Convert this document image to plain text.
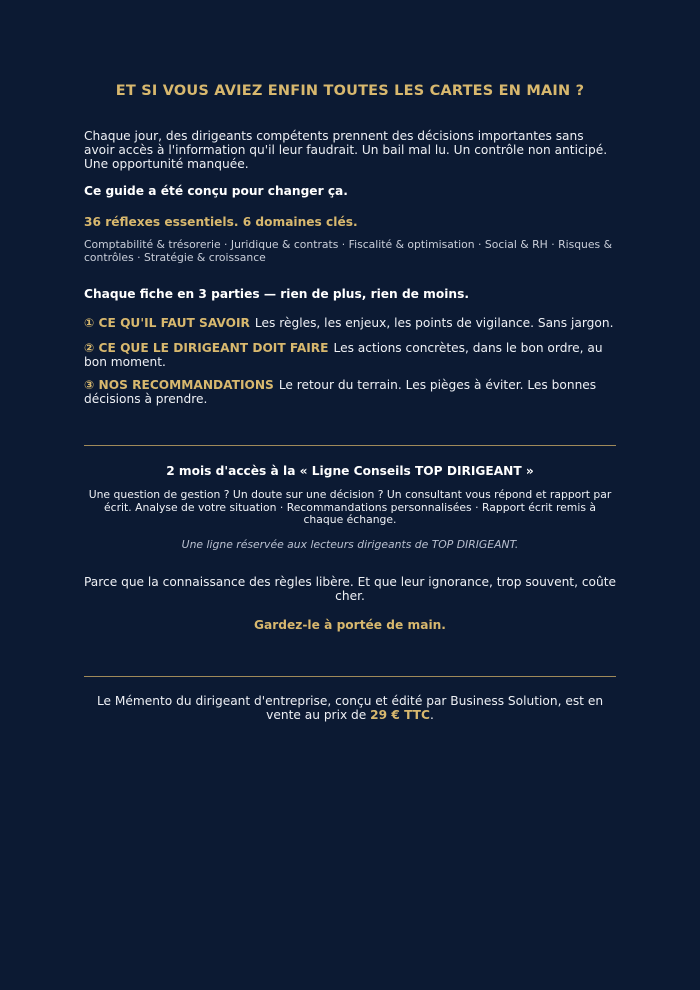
ET SI VOUS AVIEZ ENFIN TOUTES LES CARTES EN MAIN ?
Chaque jour, des dirigeants compétents prennent des décisions importantes sans avoir accès à l'information qu'il leur faudrait. Un bail mal lu. Un contrôle non anticipé. Une opportunité manquée.
Ce guide a été conçu pour changer ça.
36 réflexes essentiels. 6 domaines clés.
Comptabilité & trésorerie · Juridique & contrats · Fiscalité & optimisation · Social & RH · Risques & contrôles · Stratégie & croissance
Chaque fiche en 3 parties — rien de plus, rien de moins.
① CE QU'IL FAUT SAVOIR Les règles, les enjeux, les points de vigilance. Sans jargon.
② CE QUE LE DIRIGEANT DOIT FAIRE Les actions concrètes, dans le bon ordre, au bon moment.
③ NOS RECOMMANDATIONS Le retour du terrain. Les pièges à éviter. Les bonnes décisions à prendre.
2 mois d'accès à la « Ligne Conseils TOP DIRIGEANT »
Une question de gestion ? Un doute sur une décision ? Un consultant vous répond et rapport par écrit. Analyse de votre situation · Recommandations personnalisées · Rapport écrit remis à chaque échange.
Une ligne réservée aux lecteurs dirigeants de TOP DIRIGEANT.
Parce que la connaissance des règles libère. Et que leur ignorance, trop souvent, coûte cher.
Gardez-le à portée de main.
Le Mémento du dirigeant d'entreprise, conçu et édité par Business Solution, est en vente au prix de 29 € TTC.
